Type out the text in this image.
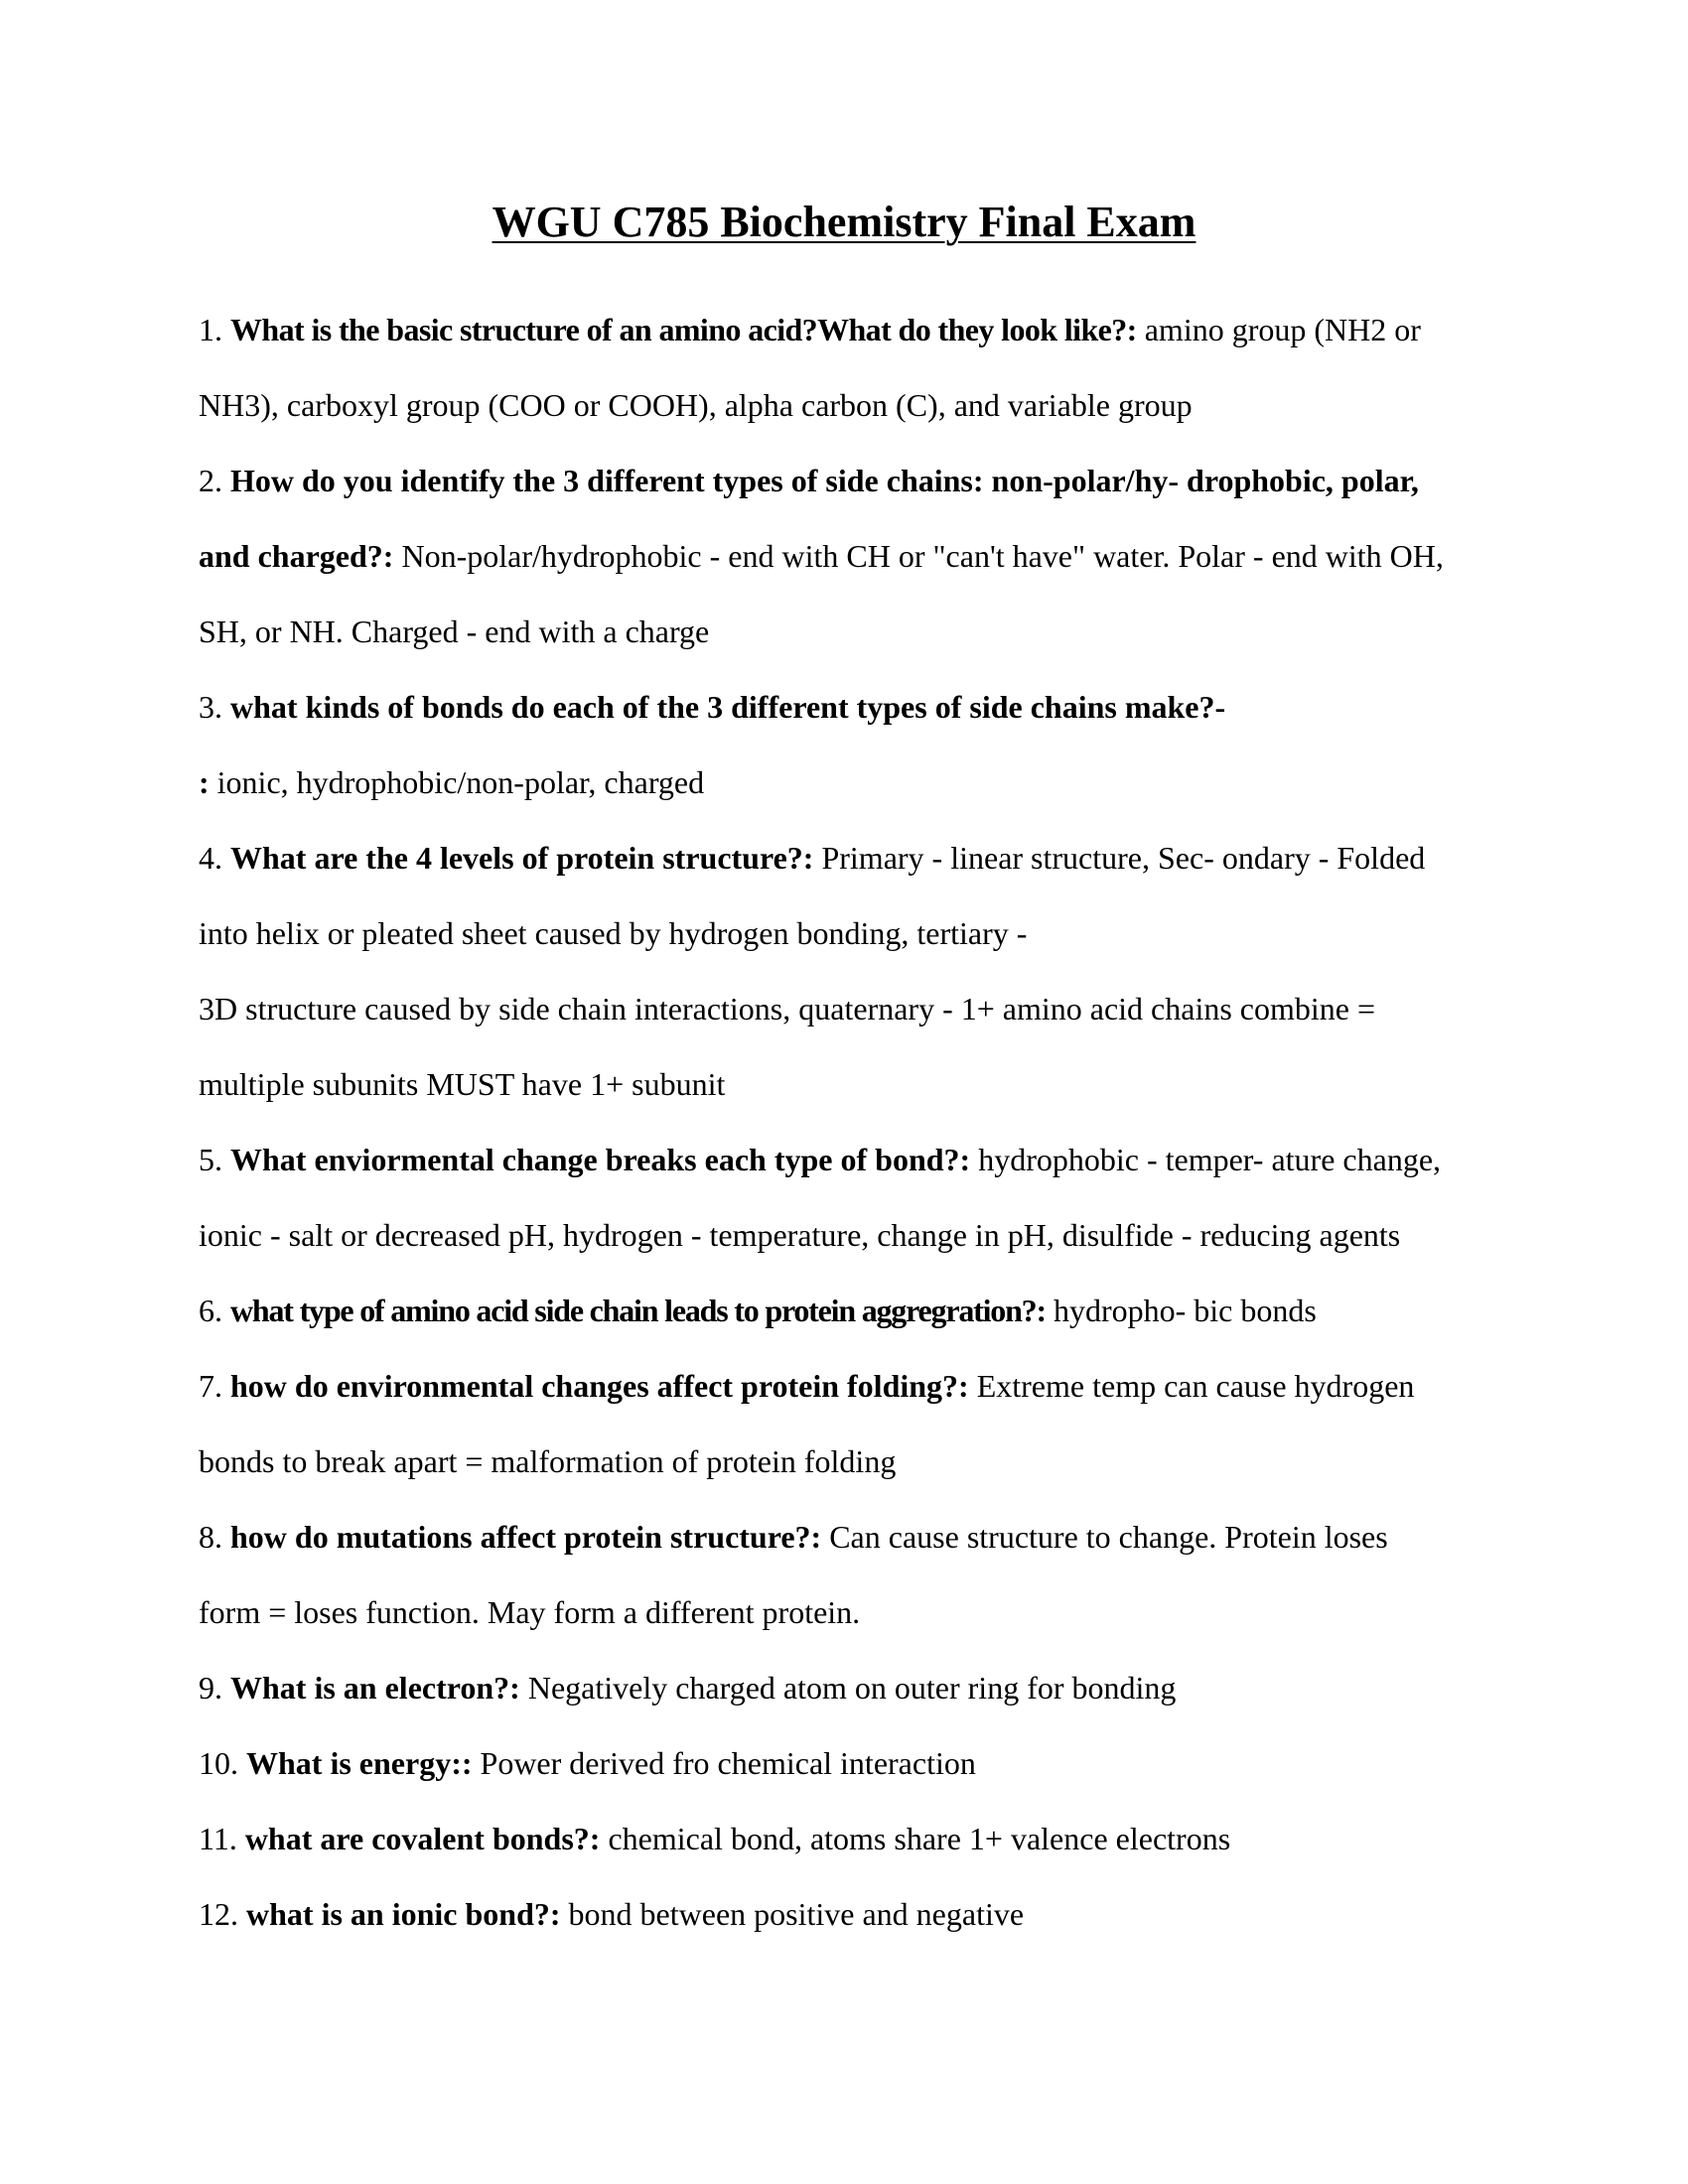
WGU C785 Biochemistry Final Exam
1. What is the basic structure of an amino acid?What do they look like?: amino group (NH2 or
NH3), carboxyl group (COO or COOH), alpha carbon (C), and variable group
2. How do you identify the 3 different types of side chains: non-polar/hy- drophobic, polar,
and charged?: Non-polar/hydrophobic - end with CH or "can't have" water. Polar - end with OH,
SH, or NH. Charged - end with a charge
3. what kinds of bonds do each of the 3 different types of side chains make?-
: ionic, hydrophobic/non-polar, charged
4. What are the 4 levels of protein structure?: Primary - linear structure, Sec- ondary - Folded
into helix or pleated sheet caused by hydrogen bonding, tertiary -
3D structure caused by side chain interactions, quaternary - 1+ amino acid chains combine =
multiple subunits MUST have 1+ subunit
5. What enviormental change breaks each type of bond?: hydrophobic - temper- ature change,
ionic - salt or decreased pH, hydrogen - temperature, change in pH, disulfide - reducing agents
6. what type of amino acid side chain leads to protein aggregration?: hydropho- bic bonds
7. how do environmental changes affect protein folding?: Extreme temp can cause hydrogen
bonds to break apart = malformation of protein folding
8. how do mutations affect protein structure?: Can cause structure to change. Protein loses
form = loses function. May form a different protein.
9. What is an electron?: Negatively charged atom on outer ring for bonding
10. What is energy:: Power derived fro chemical interaction
11. what are covalent bonds?: chemical bond, atoms share 1+ valence electrons
12. what is an ionic bond?: bond between positive and negative
